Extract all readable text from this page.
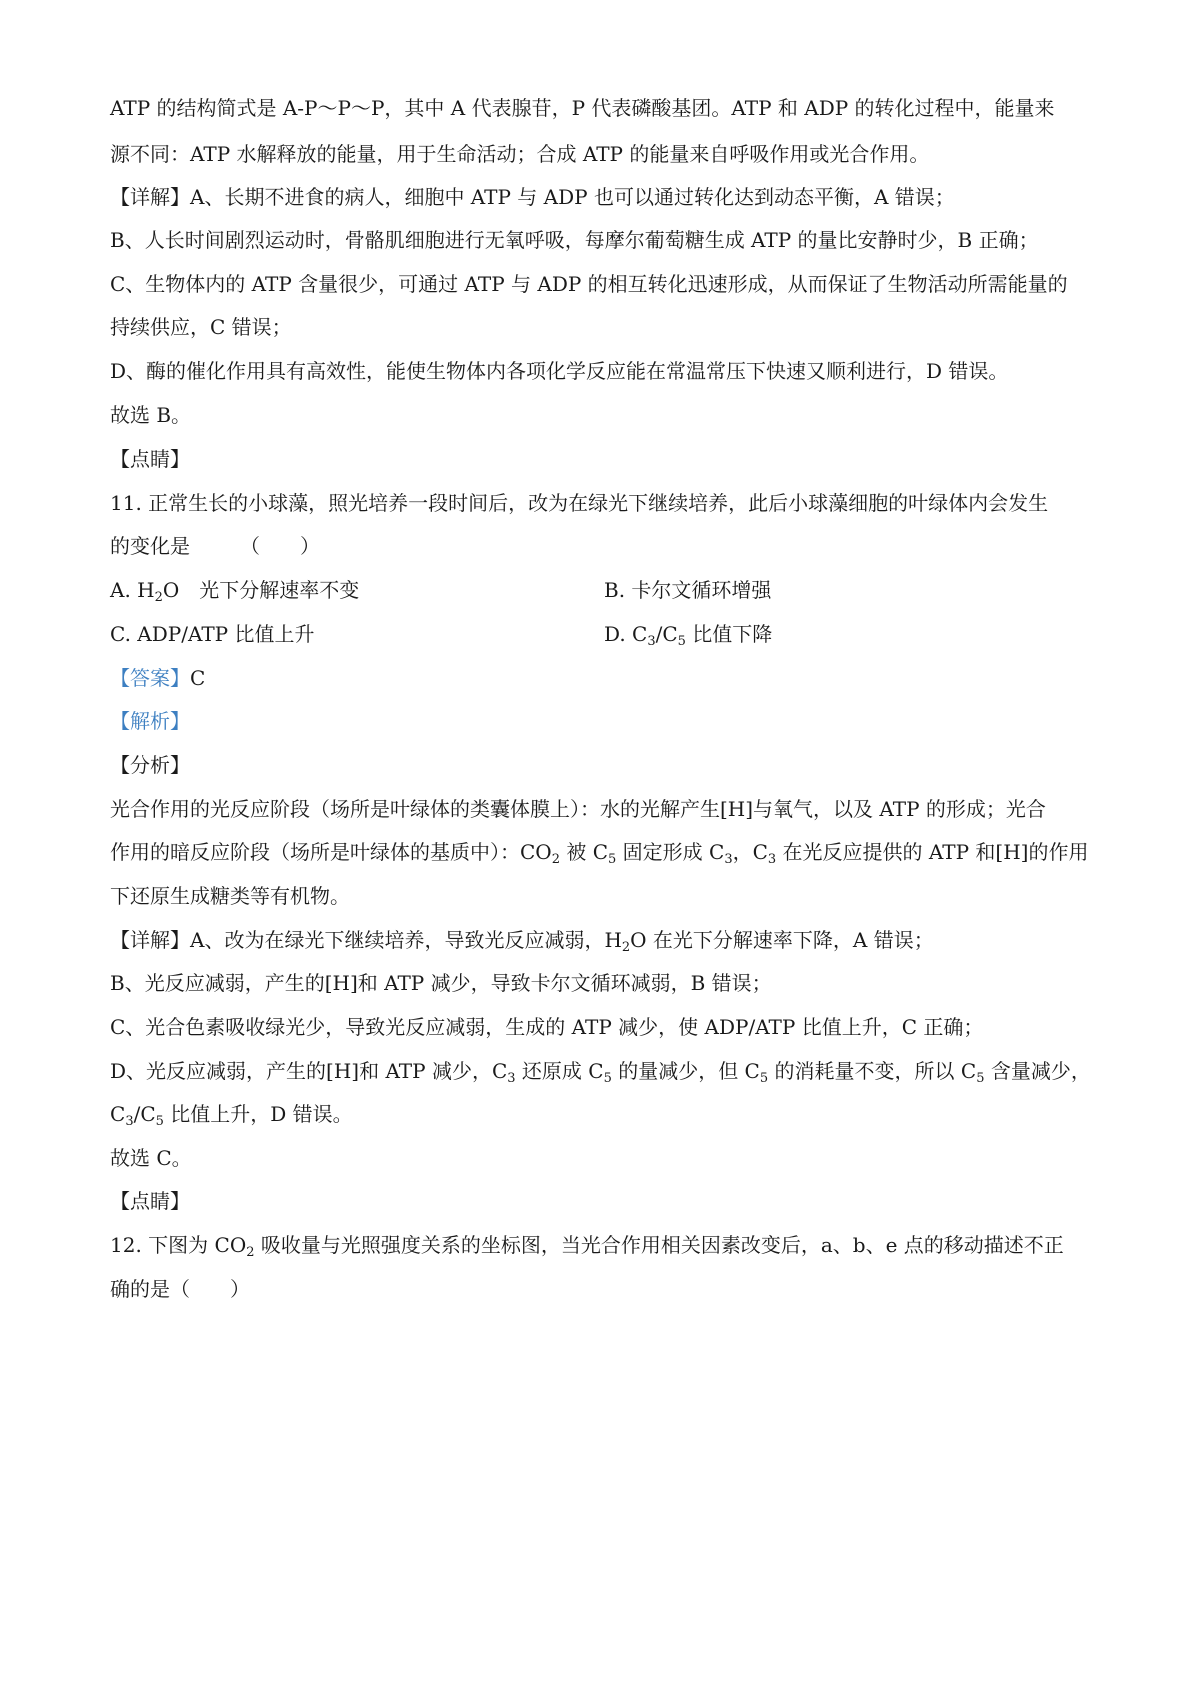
ATP 的结构简式是 A-P～P～P，其中 A 代表腺苷，P 代表磷酸基团。ATP 和 ADP 的转化过程中，能量来
源不同：ATP 水解释放的能量，用于生命活动；合成 ATP 的能量来自呼吸作用或光合作用。
【详解】A、长期不进食的病人，细胞中 ATP 与 ADP 也可以通过转化达到动态平衡，A 错误；
B、人长时间剧烈运动时，骨骼肌细胞进行无氧呼吸，每摩尔葡萄糖生成 ATP 的量比安静时少，B 正确；
C、生物体内的 ATP 含量很少，可通过 ATP 与 ADP 的相互转化迅速形成，从而保证了生物活动所需能量的
持续供应，C 错误；
D、酶的催化作用具有高效性，能使生物体内各项化学反应能在常温常压下快速又顺利进行，D 错误。
故选 B。
【点睛】
11. 正常生长的小球藻，照光培养一段时间后，改为在绿光下继续培养，此后小球藻细胞的叶绿体内会发生
的变化是	（　　）
A. $H_2O$　光下分解速率不变	B. 卡尔文循环增强
C. ADP/ATP 比值上升	D. $C_3/C_5$ 比值下降
【答案】C
【解析】
【分析】
光合作用的光反应阶段（场所是叶绿体的类囊体膜上）：水的光解产生[H]与氧气，以及 ATP 的形成；光合
作用的暗反应阶段（场所是叶绿体的基质中）：$CO_2$ 被 $C_5$ 固定形成 $C_3$，$C_3$ 在光反应提供的 ATP 和[H]的作用
下还原生成糖类等有机物。
【详解】A、改为在绿光下继续培养，导致光反应减弱，$H_2O$ 在光下分解速率下降，A 错误；
B、光反应减弱，产生的[H]和 ATP 减少，导致卡尔文循环减弱，B 错误；
C、光合色素吸收绿光少，导致光反应减弱，生成的 ATP 减少，使 ADP/ATP 比值上升，C 正确；
D、光反应减弱，产生的[H]和 ATP 减少，$C_3$ 还原成 $C_5$ 的量减少，但 $C_5$ 的消耗量不变，所以 $C_5$ 含量减少，
$C_3/C_5$ 比值上升，D 错误。
故选 C。
【点睛】
12. 下图为 $CO_2$ 吸收量与光照强度关系的坐标图，当光合作用相关因素改变后，a、b、e 点的移动描述不正
确的是（　　）
